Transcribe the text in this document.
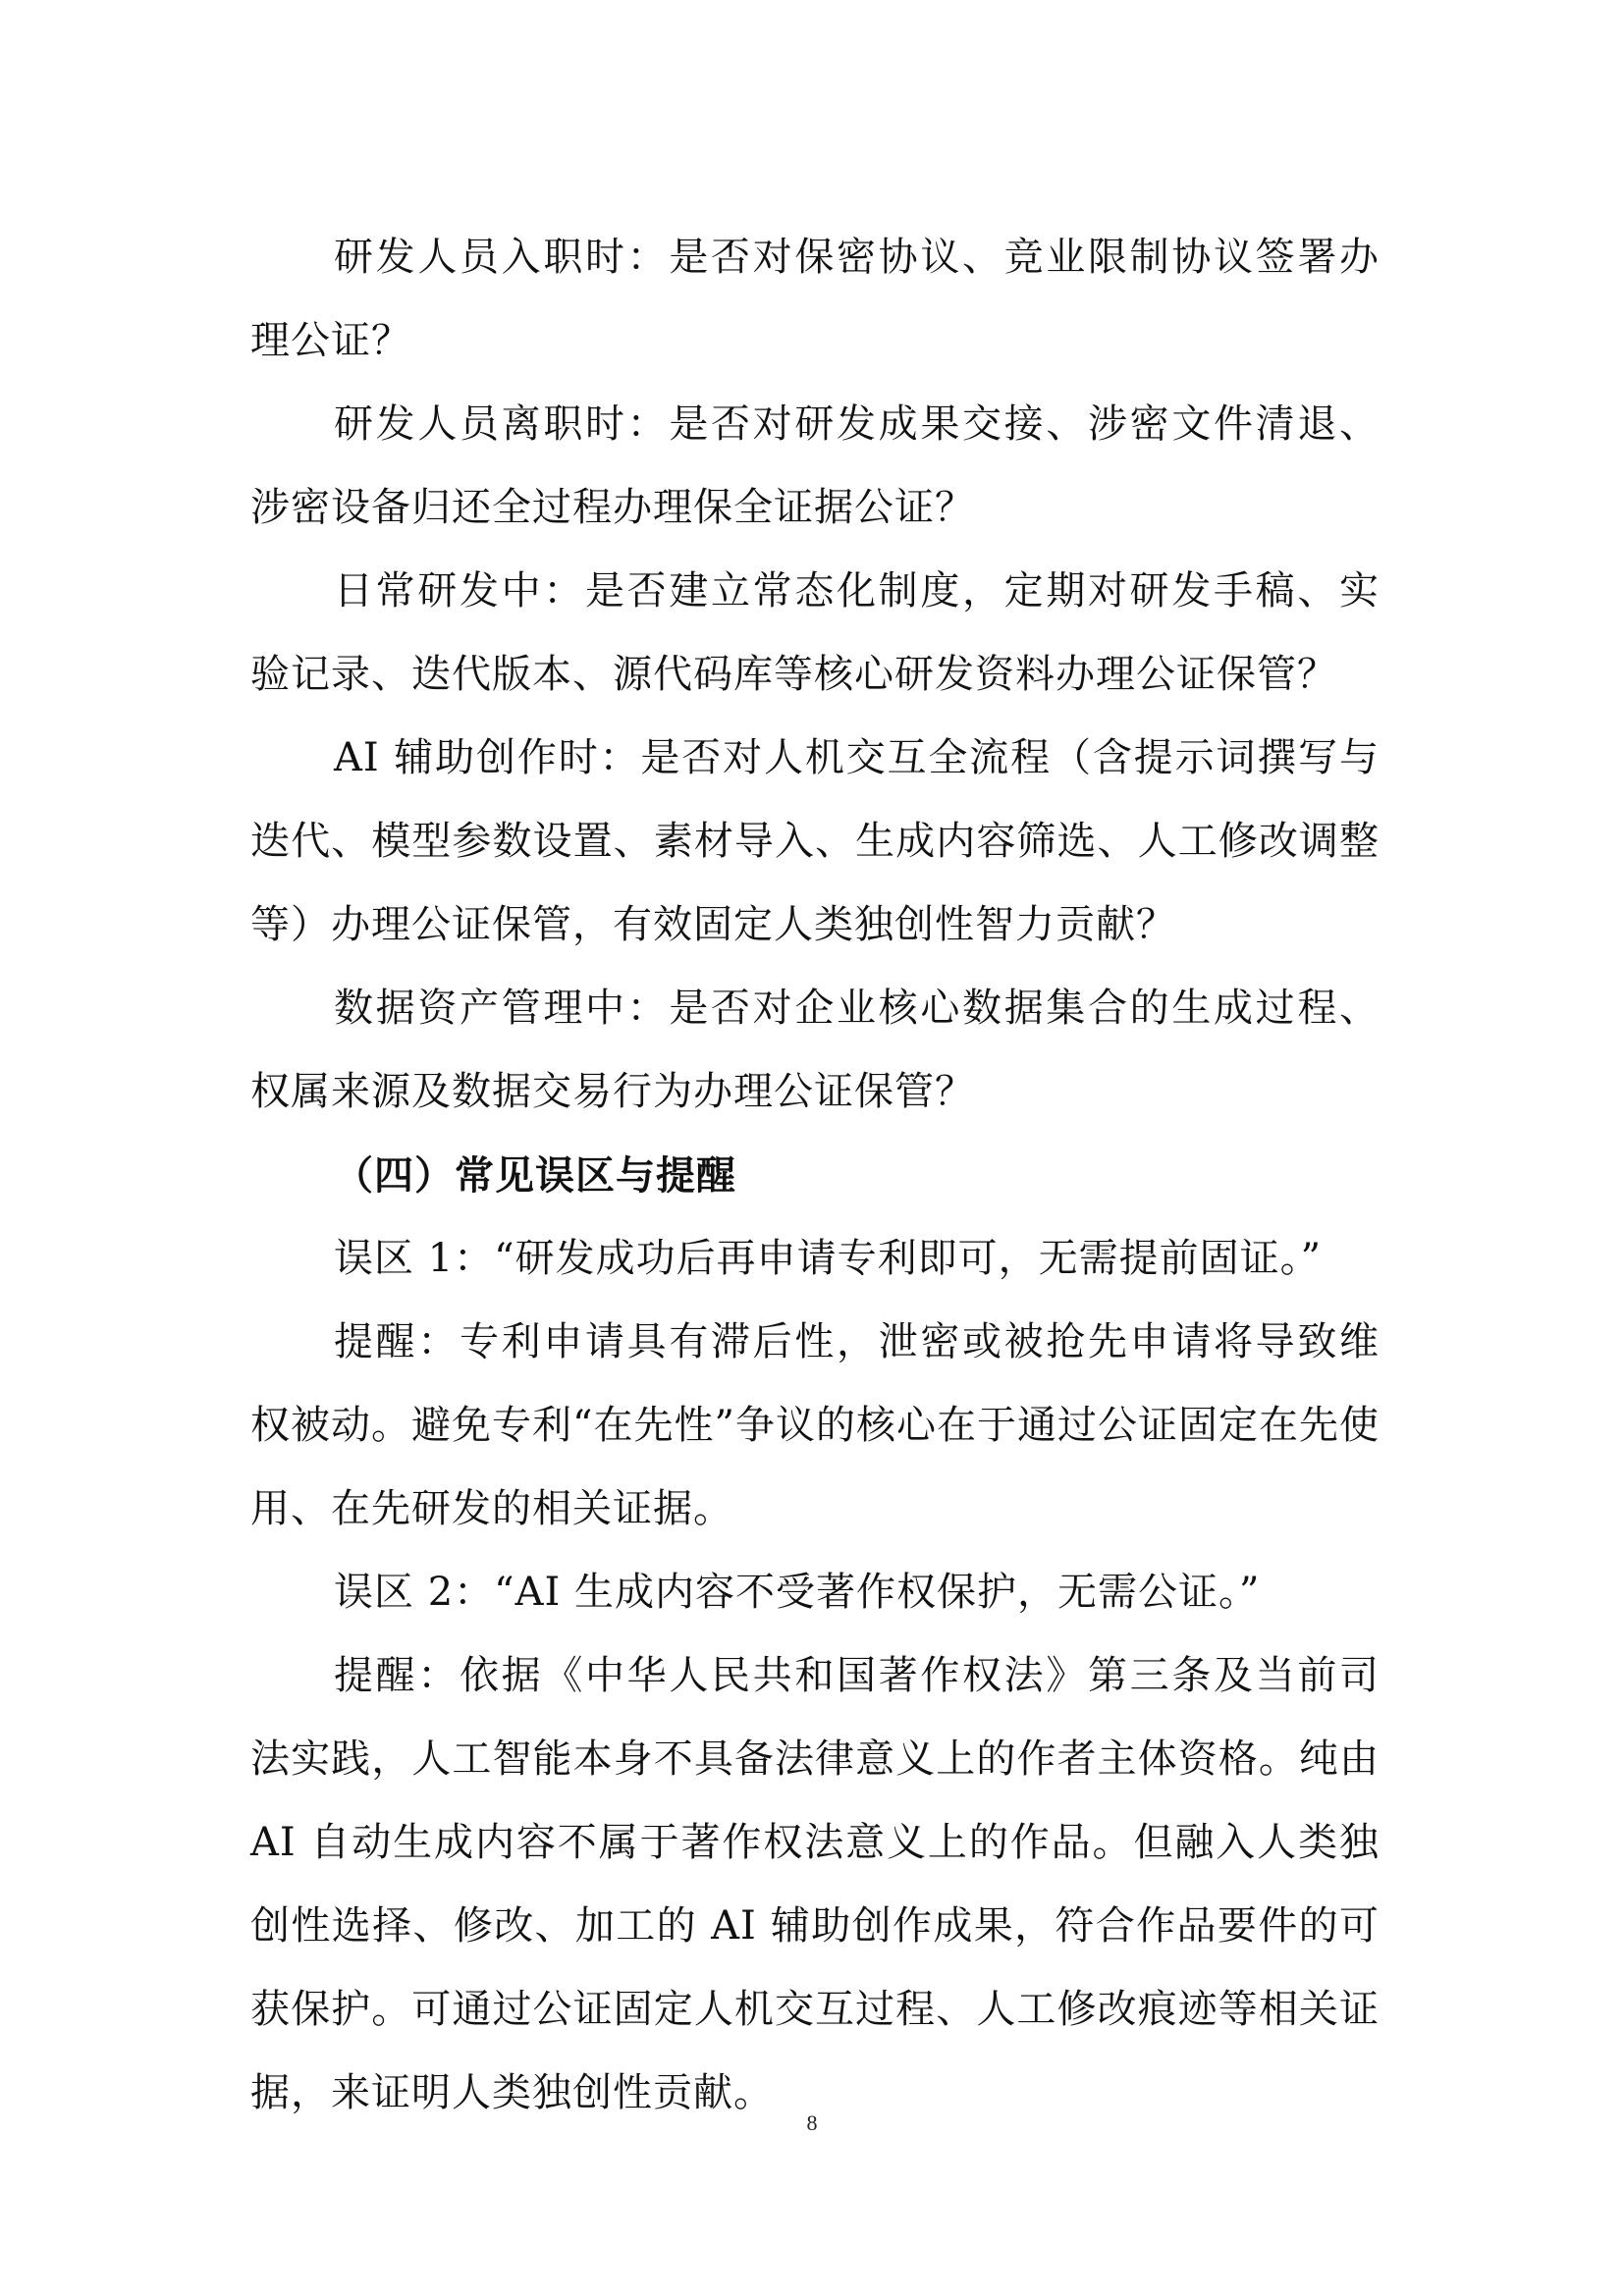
研发人员入职时：是否对保密协议、竞业限制协议签署办理公证？

研发人员离职时：是否对研发成果交接、涉密文件清退、涉密设备归还全过程办理保全证据公证？

日常研发中：是否建立常态化制度，定期对研发手稿、实验记录、迭代版本、源代码库等核心研发资料办理公证保管？

AI 辅助创作时：是否对人机交互全流程（含提示词撰写与迭代、模型参数设置、素材导入、生成内容筛选、人工修改调整等）办理公证保管，有效固定人类独创性智力贡献？

数据资产管理中：是否对企业核心数据集合的生成过程、权属来源及数据交易行为办理公证保管？

（四）常见误区与提醒

误区 1：“研发成功后再申请专利即可，无需提前固证。”

提醒：专利申请具有滞后性，泄密或被抢先申请将导致维权被动。避免专利“在先性”争议的核心在于通过公证固定在先使用、在先研发的相关证据。

误区 2：“AI 生成内容不受著作权保护，无需公证。”

提醒：依据《中华人民共和国著作权法》第三条及当前司法实践，人工智能本身不具备法律意义上的作者主体资格。纯由 AI 自动生成内容不属于著作权法意义上的作品。但融入人类独创性选择、修改、加工的 AI 辅助创作成果，符合作品要件的可获保护。可通过公证固定人机交互过程、人工修改痕迹等相关证据，来证明人类独创性贡献。

8
